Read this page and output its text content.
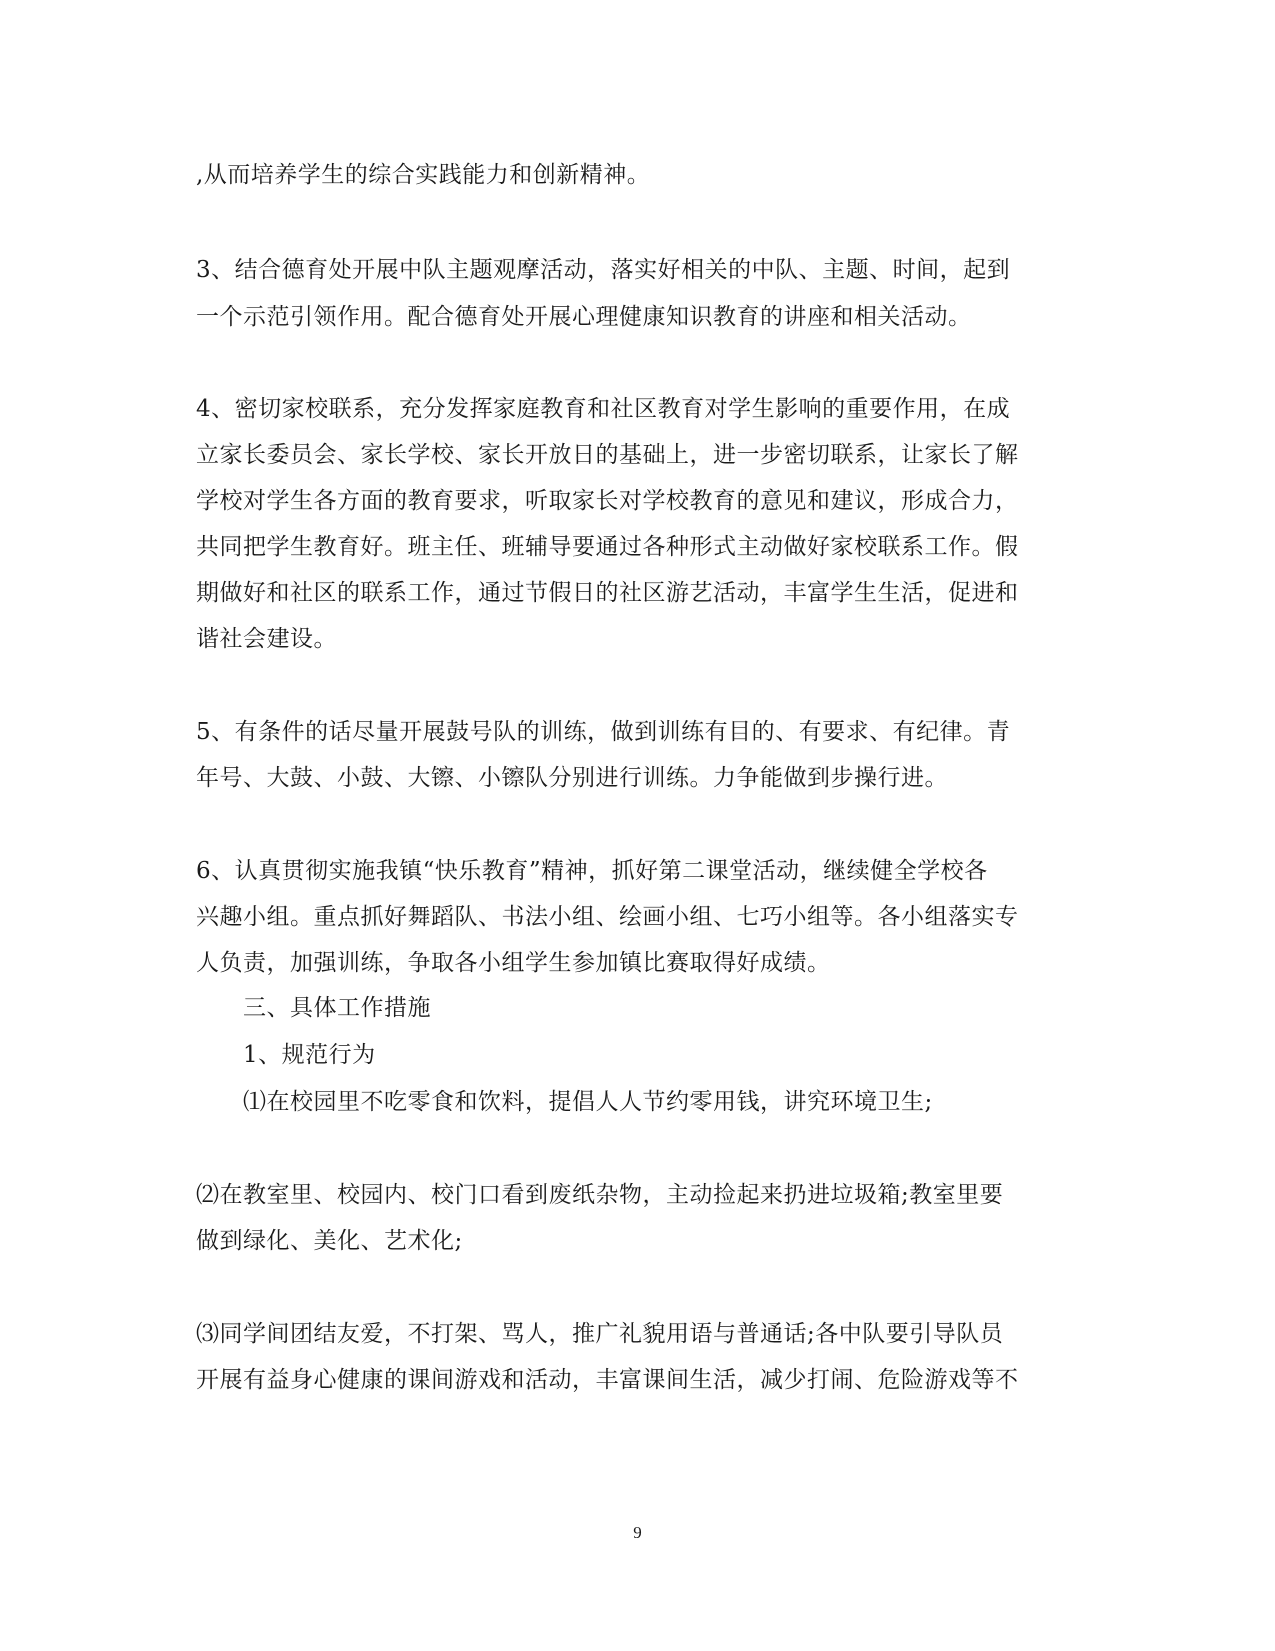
,从而培养学生的综合实践能力和创新精神。
3、结合德育处开展中队主题观摩活动，落实好相关的中队、主题、时间，起到
一个示范引领作用。配合德育处开展心理健康知识教育的讲座和相关活动。
4、密切家校联系，充分发挥家庭教育和社区教育对学生影响的重要作用，在成
立家长委员会、家长学校、家长开放日的基础上，进一步密切联系，让家长了解
学校对学生各方面的教育要求，听取家长对学校教育的意见和建议，形成合力，
共同把学生教育好。班主任、班辅导要通过各种形式主动做好家校联系工作。假
期做好和社区的联系工作，通过节假日的社区游艺活动，丰富学生生活，促进和
谐社会建设。
5、有条件的话尽量开展鼓号队的训练，做到训练有目的、有要求、有纪律。青
年号、大鼓、小鼓、大镲、小镲队分别进行训练。力争能做到步操行进。
6、认真贯彻实施我镇“快乐教育”精神，抓好第二课堂活动，继续健全学校各
兴趣小组。重点抓好舞蹈队、书法小组、绘画小组、七巧小组等。各小组落实专
人负责，加强训练，争取各小组学生参加镇比赛取得好成绩。
三、具体工作措施
1、规范行为
⑴在校园里不吃零食和饮料，提倡人人节约零用钱，讲究环境卫生;
⑵在教室里、校园内、校门口看到废纸杂物，主动捡起来扔进垃圾箱;教室里要
做到绿化、美化、艺术化;
⑶同学间团结友爱，不打架、骂人，推广礼貌用语与普通话;各中队要引导队员
开展有益身心健康的课间游戏和活动，丰富课间生活，减少打闹、危险游戏等不
9
